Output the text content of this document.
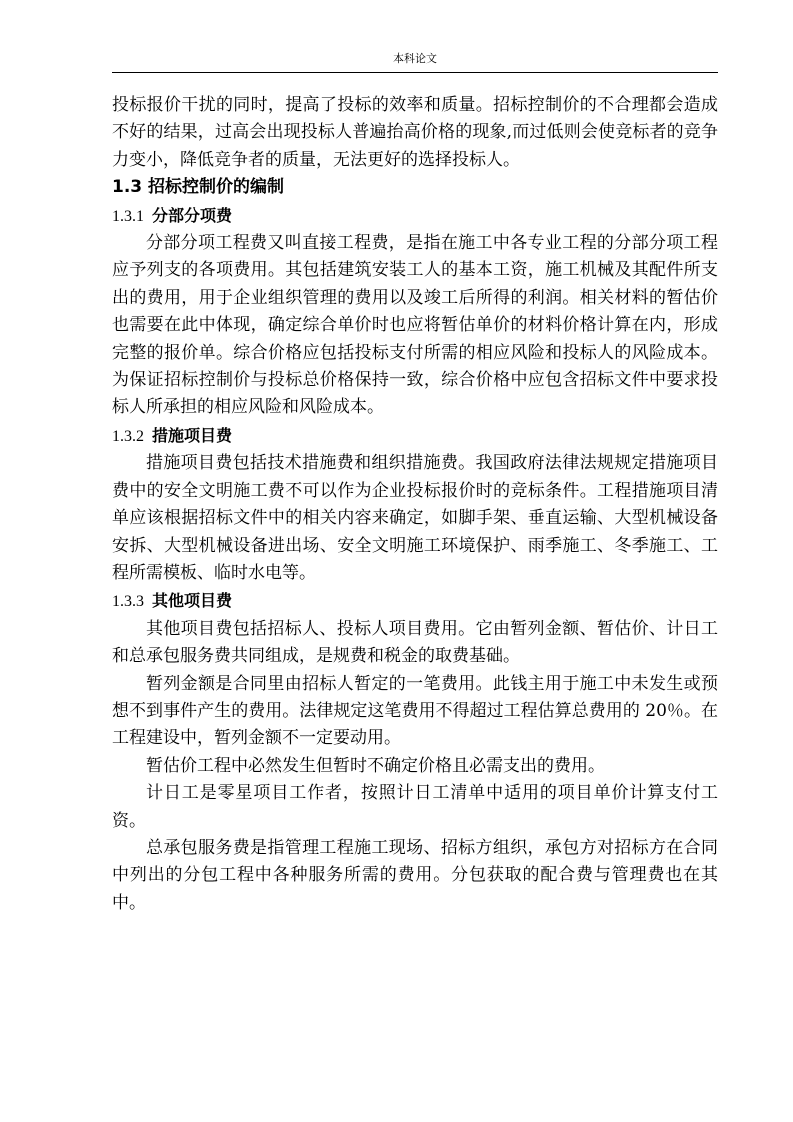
本科论文

投标报价干扰的同时，提高了投标的效率和质量。招标控制价的不合理都会造成不好的结果，过高会出现投标人普遍抬高价格的现象,而过低则会使竞标者的竞争力变小，降低竞争者的质量，无法更好的选择投标人。

1.3 招标控制价的编制
1.3.1 分部分项费

分部分项工程费又叫直接工程费，是指在施工中各专业工程的分部分项工程应予列支的各项费用。其包括建筑安装工人的基本工资，施工机械及其配件所支出的费用，用于企业组织管理的费用以及竣工后所得的利润。相关材料的暂估价也需要在此中体现，确定综合单价时也应将暂估单价的材料价格计算在内，形成完整的报价单。综合价格应包括投标支付所需的相应风险和投标人的风险成本。为保证招标控制价与投标总价格保持一致，综合价格中应包含招标文件中要求投标人所承担的相应风险和风险成本。

1.3.2 措施项目费

措施项目费包括技术措施费和组织措施费。我国政府法律法规规定措施项目费中的安全文明施工费不可以作为企业投标报价时的竞标条件。工程措施项目清单应该根据招标文件中的相关内容来确定，如脚手架、垂直运输、大型机械设备安拆、大型机械设备进出场、安全文明施工环境保护、雨季施工、冬季施工、工程所需模板、临时水电等。

1.3.3 其他项目费

其他项目费包括招标人、投标人项目费用。它由暂列金额、暂估价、计日工和总承包服务费共同组成，是规费和税金的取费基础。

暂列金额是合同里由招标人暂定的一笔费用。此钱主用于施工中未发生或预想不到事件产生的费用。法律规定这笔费用不得超过工程估算总费用的 20％。在工程建设中，暂列金额不一定要动用。

暂估价工程中必然发生但暂时不确定价格且必需支出的费用。

计日工是零星项目工作者，按照计日工清单中适用的项目单价计算支付工资。

总承包服务费是指管理工程施工现场、招标方组织，承包方对招标方在合同中列出的分包工程中各种服务所需的费用。分包获取的配合费与管理费也在其中。
